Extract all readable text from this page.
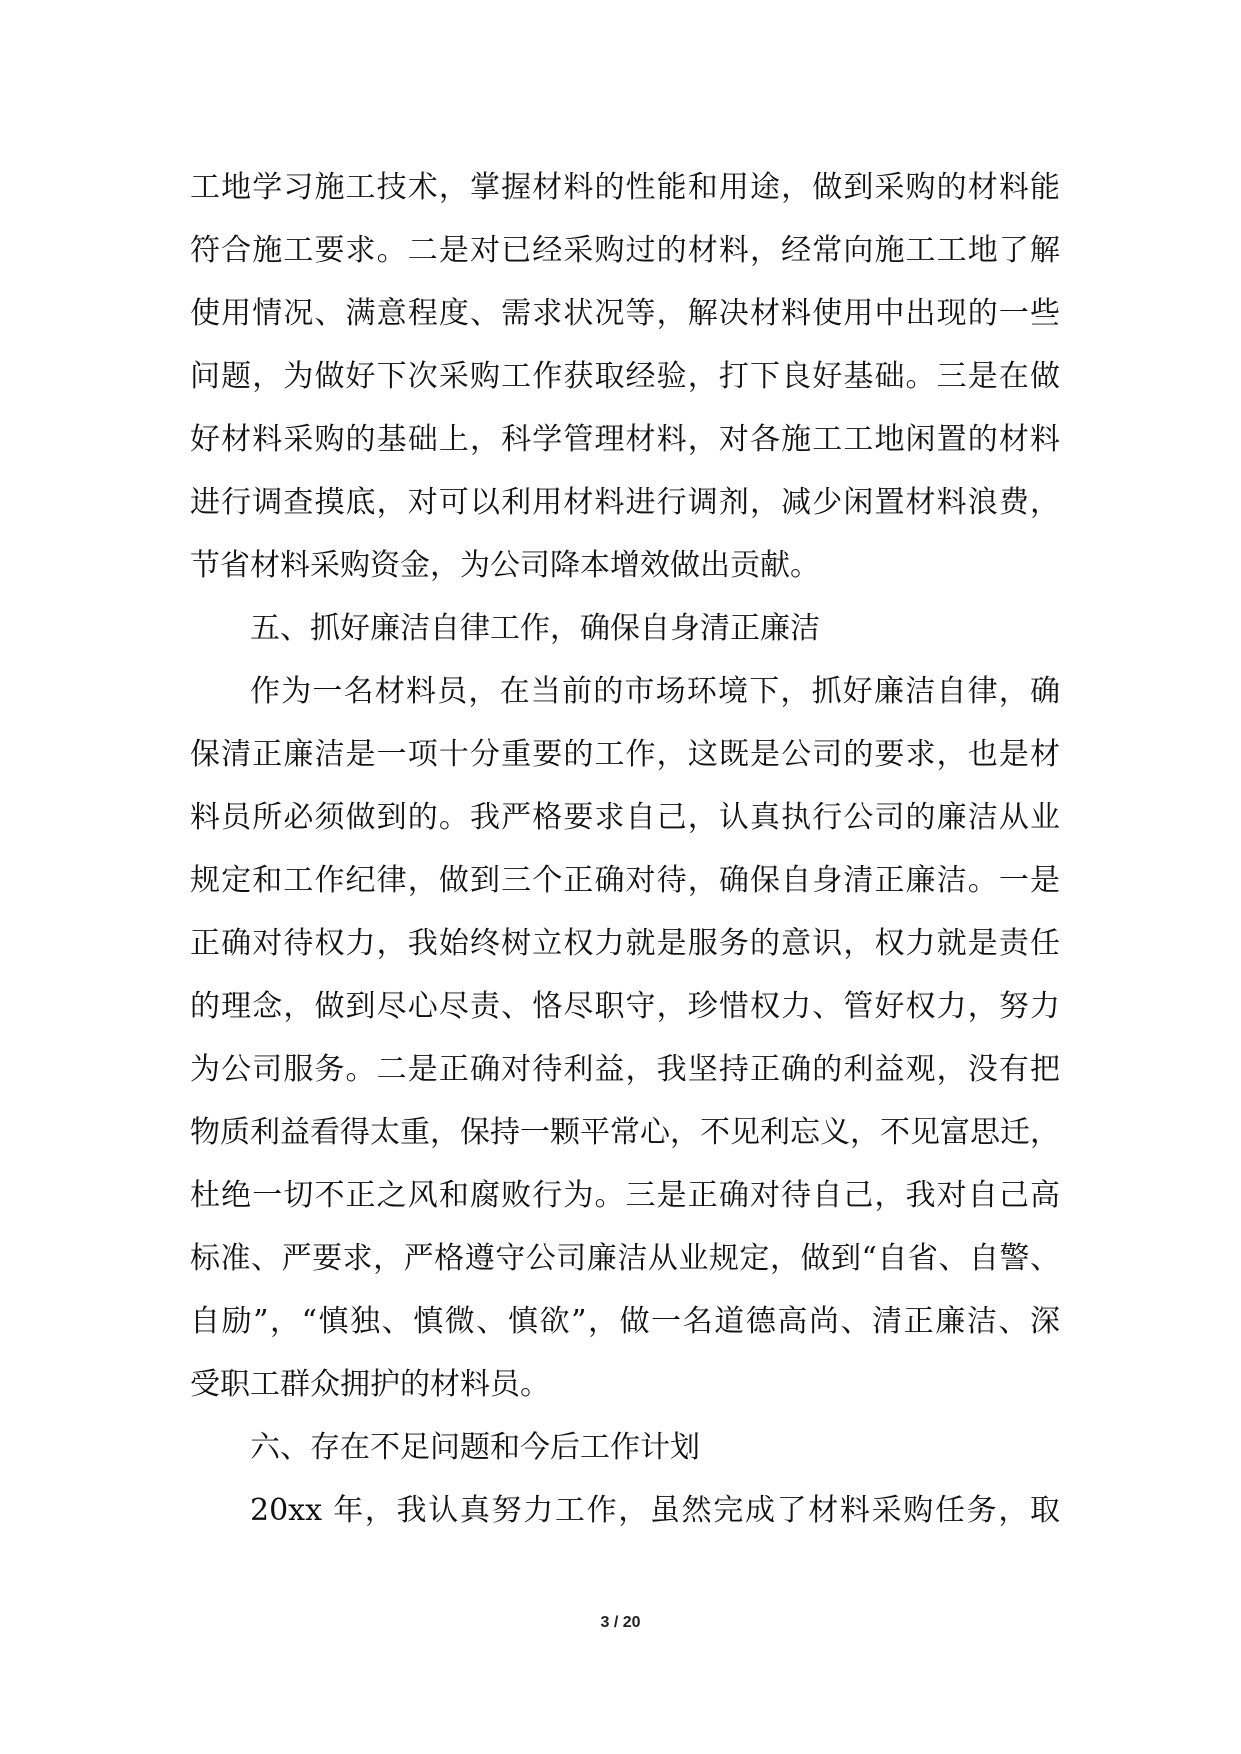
工地学习施工技术，掌握材料的性能和用途，做到采购的材料能
符合施工要求。二是对已经采购过的材料，经常向施工工地了解
使用情况、满意程度、需求状况等，解决材料使用中出现的一些
问题，为做好下次采购工作获取经验，打下良好基础。三是在做
好材料采购的基础上，科学管理材料，对各施工工地闲置的材料
进行调查摸底，对可以利用材料进行调剂，减少闲置材料浪费，
节省材料采购资金，为公司降本增效做出贡献。
五、抓好廉洁自律工作，确保自身清正廉洁
作为一名材料员，在当前的市场环境下，抓好廉洁自律，确
保清正廉洁是一项十分重要的工作，这既是公司的要求，也是材
料员所必须做到的。我严格要求自己，认真执行公司的廉洁从业
规定和工作纪律，做到三个正确对待，确保自身清正廉洁。一是
正确对待权力，我始终树立权力就是服务的意识，权力就是责任
的理念，做到尽心尽责、恪尽职守，珍惜权力、管好权力，努力
为公司服务。二是正确对待利益，我坚持正确的利益观，没有把
物质利益看得太重，保持一颗平常心，不见利忘义，不见富思迁，
杜绝一切不正之风和腐败行为。三是正确对待自己，我对自己高
标准、严要求，严格遵守公司廉洁从业规定，做到“自省、自警、
自励”，“慎独、慎微、慎欲”，做一名道德高尚、清正廉洁、深
受职工群众拥护的材料员。
六、存在不足问题和今后工作计划
20xx 年，我认真努力工作，虽然完成了材料采购任务，取
3 / 20
